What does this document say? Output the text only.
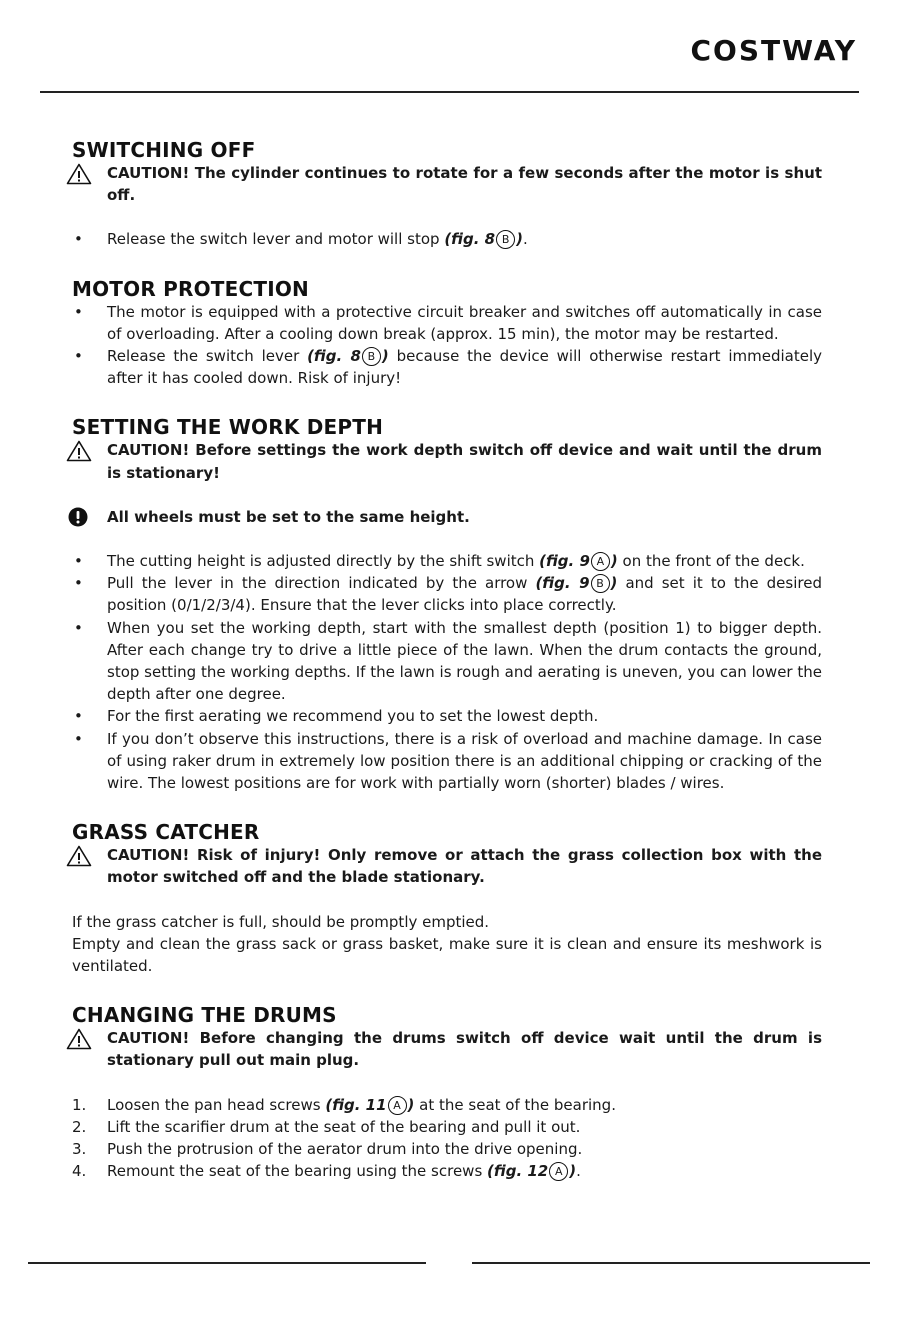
COSTWAY
SWITCHING OFF
CAUTION! The cylinder continues to rotate for a few seconds after the motor is shut off.
•	Release the switch lever and motor will stop (fig. 8 B ).
MOTOR PROTECTION
•	The motor is equipped with a protective circuit breaker and switches off automatically in case of overloading. After a cooling down break (approx. 15 min), the motor may be restarted.
•	Release the switch lever (fig. 8 B ) because the device will otherwise restart immediately after it has cooled down. Risk of injury!
SETTING THE WORK DEPTH
CAUTION! Before settings the work depth switch off device and wait until the drum is stationary!
All wheels must be set to the same height.
•	The cutting height is adjusted directly by the shift switch (fig. 9 A ) on the front of the deck.
•	Pull the lever in the direction indicated by the arrow (fig. 9 B ) and set it to the desired position (0/1/2/3/4). Ensure that the lever clicks into place correctly.
•	When you set the working depth, start with the smallest depth (position 1) to bigger depth. After each change try to drive a little piece of the lawn. When the drum contacts the ground, stop setting the working depths. If the lawn is rough and aerating is uneven, you can lower the depth after one degree.
•	For the first aerating we recommend you to set the lowest depth.
•	If you don’t observe this instructions, there is a risk of overload and machine damage. In case of using raker drum in extremely low position there is an additional chipping or cracking of the wire. The lowest positions are for work with partially worn (shorter) blades / wires.
GRASS CATCHER
CAUTION! Risk of injury! Only remove or attach the grass collection box with the motor switched off and the blade stationary.

If the grass catcher is full, should be promptly emptied.

Empty and clean the grass sack or grass basket, make sure it is clean and ensure its meshwork is ventilated.

CHANGING THE DRUMS
CAUTION! Before changing the drums switch off device wait until the drum is stationary pull out main plug.
1.	Loosen the pan head screws (fig. 11 A ) at the seat of the bearing.
2.	Lift the scarifier drum at the seat of the bearing and pull it out.
3.	Push the protrusion of the aerator drum into the drive opening.
4.	Remount the seat of the bearing using the screws (fig. 12 A ).
